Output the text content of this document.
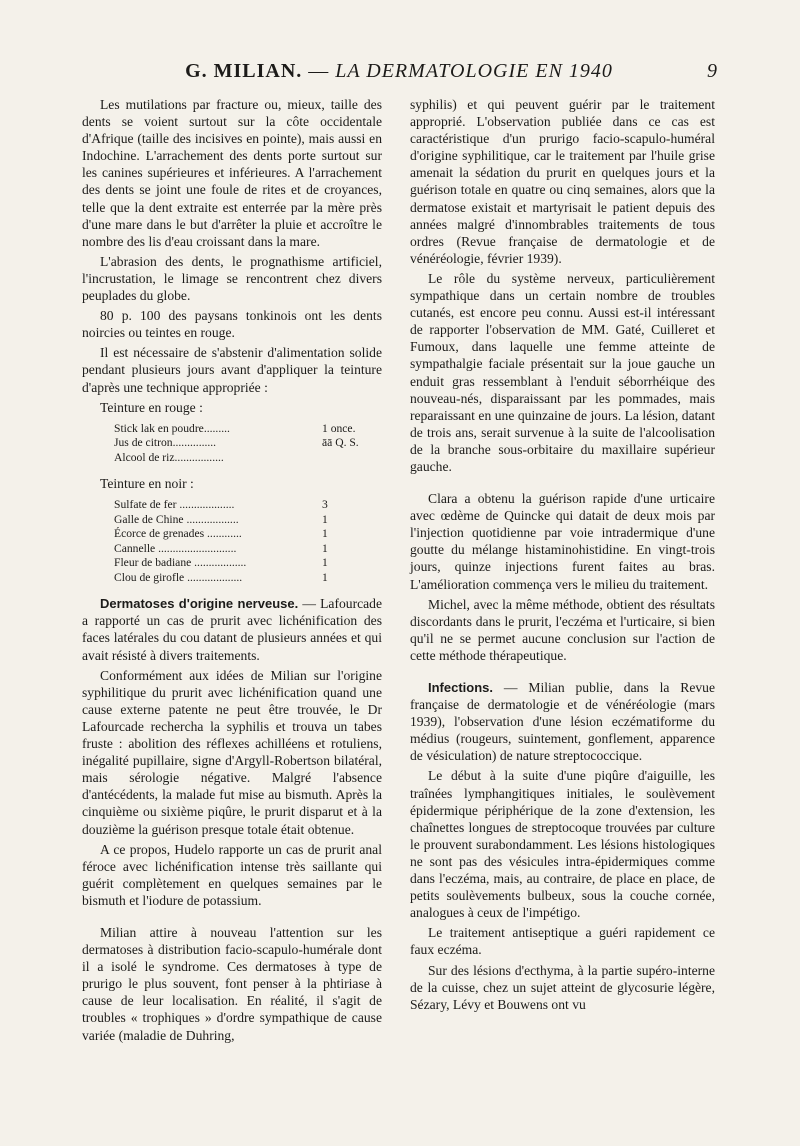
G. MILIAN. — LA DERMATOLOGIE EN 1940	9

Les mutilations par fracture ou, mieux, taille des dents se voient surtout sur la côte occidentale d'Afrique (taille des incisives en pointe), mais aussi en Indochine. L'arrachement des dents porte surtout sur les canines supérieures et inférieures. A l'arrachement des dents se joint une foule de rites et de croyances, telle que la dent extraite est enterrée par la mère près d'une mare dans le but d'arrêter la pluie et accroître le nombre des lis d'eau croissant dans la mare.

L'abrasion des dents, le prognathisme artificiel, l'incrustation, le limage se rencontrent chez divers peuplades du globe.

80 p. 100 des paysans tonkinois ont les dents noircies ou teintes en rouge.

Il est nécessaire de s'abstenir d'alimentation solide pendant plusieurs jours avant d'appliquer la teinture d'après une technique appropriée :

Teinture en rouge :
Stick lak en poudre.........	1 once.
Jus de citron...............	āā Q. S.
Alcool de riz.................	
Teinture en noir :
Sulfate de fer ...................	3
Galle de Chine ..................	1
Écorce de grenades ............	1
Cannelle ...........................	1
Fleur de badiane ..................	1
Clou de girofle ...................	1

Dermatoses d'origine nerveuse. — Lafourcade a rapporté un cas de prurit avec lichénification des faces latérales du cou datant de plusieurs années et qui avait résisté à divers traitements.

Conformément aux idées de Milian sur l'origine syphilitique du prurit avec lichénification quand une cause externe patente ne peut être trouvée, le Dr Lafourcade rechercha la syphilis et trouva un tabes fruste : abolition des réflexes achilléens et rotuliens, inégalité pupillaire, signe d'Argyll-Robertson bilatéral, mais sérologie négative. Malgré l'absence d'antécédents, la malade fut mise au bismuth. Après la cinquième ou sixième piqûre, le prurit disparut et à la douzième la guérison presque totale était obtenue.

A ce propos, Hudelo rapporte un cas de prurit anal féroce avec lichénification intense très saillante qui guérit complètement en quelques semaines par le bismuth et l'iodure de potassium.

Milian attire à nouveau l'attention sur les dermatoses à distribution facio-scapulo-humérale dont il a isolé le syndrome. Ces dermatoses à type de prurigo le plus souvent, font penser à la phtiriase à cause de leur localisation. En réalité, il s'agit de troubles « trophiques » d'ordre sympathique de cause variée (maladie de Duhring,

syphilis) et qui peuvent guérir par le traitement approprié. L'observation publiée dans ce cas est caractéristique d'un prurigo facio-scapulo-huméral d'origine syphilitique, car le traitement par l'huile grise amenait la sédation du prurit en quelques jours et la guérison totale en quatre ou cinq semaines, alors que la dermatose existait et martyrisait le patient depuis des années malgré d'innombrables traitements de tous ordres (Revue française de dermatologie et de vénéréologie, février 1939).

Le rôle du système nerveux, particulièrement sympathique dans un certain nombre de troubles cutanés, est encore peu connu. Aussi est-il intéressant de rapporter l'observation de MM. Gaté, Cuilleret et Fumoux, dans laquelle une femme atteinte de sympathalgie faciale présentait sur la joue gauche un enduit gras ressemblant à l'enduit séborrhéique des nouveau-nés, disparaissant par les pommades, mais reparaissant en une quinzaine de jours. La lésion, datant de trois ans, serait survenue à la suite de l'alcoolisation de la branche sous-orbitaire du maxillaire supérieur gauche.

Clara a obtenu la guérison rapide d'une urticaire avec œdème de Quincke qui datait de deux mois par l'injection quotidienne par voie intradermique d'une goutte du mélange histaminohistidine. En vingt-trois jours, quinze injections furent faites au bras. L'amélioration commença vers le milieu du traitement.

Michel, avec la même méthode, obtient des résultats discordants dans le prurit, l'eczéma et l'urticaire, si bien qu'il ne se permet aucune conclusion sur l'action de cette méthode thérapeutique.

Infections. — Milian publie, dans la Revue française de dermatologie et de vénéréologie (mars 1939), l'observation d'une lésion eczématiforme du médius (rougeurs, suintement, gonflement, apparence de vésiculation) de nature streptococcique.

Le début à la suite d'une piqûre d'aiguille, les traînées lymphangitiques initiales, le soulèvement épidermique périphérique de la zone d'extension, les chaînettes longues de streptocoque trouvées par culture le prouvent surabondamment. Les lésions histologiques ne sont pas des vésicules intra-épidermiques comme dans l'eczéma, mais, au contraire, de place en place, de petits soulèvements bulbeux, sous la couche cornée, analogues à ceux de l'impétigo.

Le traitement antiseptique a guéri rapidement ce faux eczéma.

Sur des lésions d'ecthyma, à la partie supéro-interne de la cuisse, chez un sujet atteint de glycosurie légère, Sézary, Lévy et Bouwens ont vu
